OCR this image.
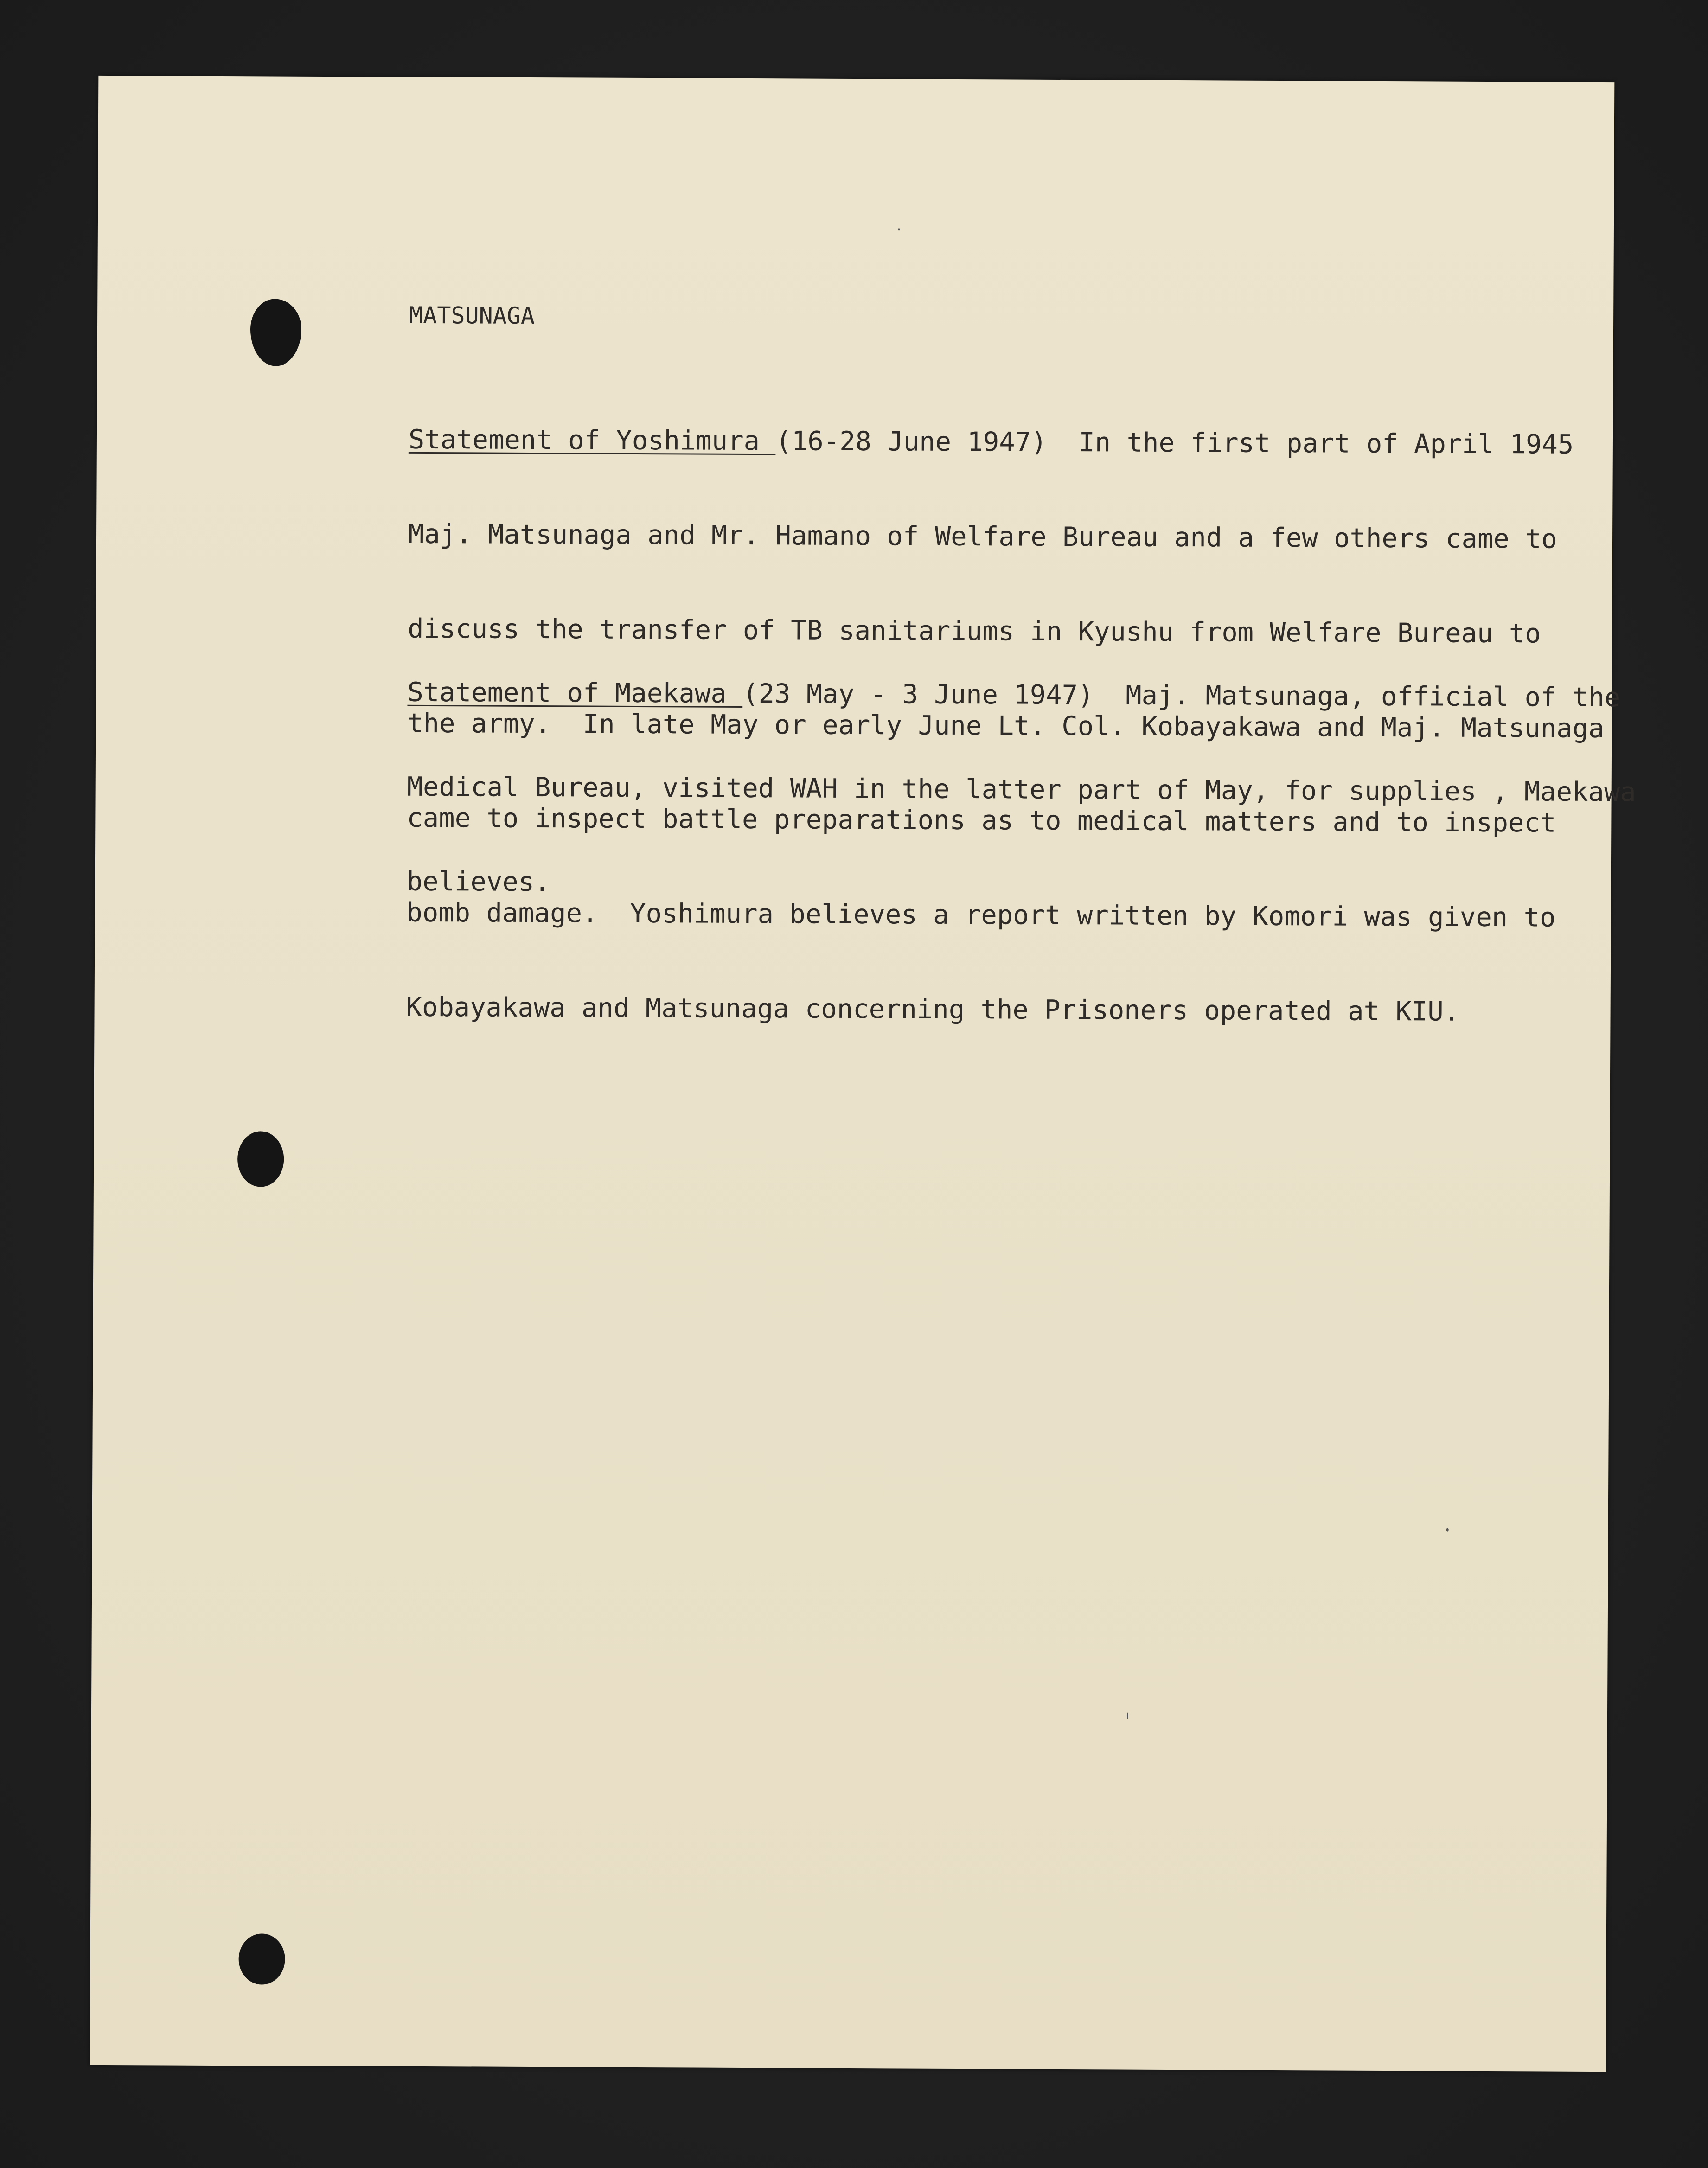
MATSUNAGA

Statement of Yoshimura (16-28 June 1947)  In the first part of April 1945

Maj. Matsunaga and Mr. Hamano of Welfare Bureau and a few others came to

discuss the transfer of TB sanitariums in Kyushu from Welfare Bureau to

the army.  In late May or early June Lt. Col. Kobayakawa and Maj. Matsunaga

came to inspect battle preparations as to medical matters and to inspect

bomb damage.  Yoshimura believes a report written by Komori was given to

Kobayakawa and Matsunaga concerning the Prisoners operated at KIU.

Statement of Maekawa (23 May - 3 June 1947)  Maj. Matsunaga, official of the

Medical Bureau, visited WAH in the latter part of May, for supplies , Maekawa

believes.
